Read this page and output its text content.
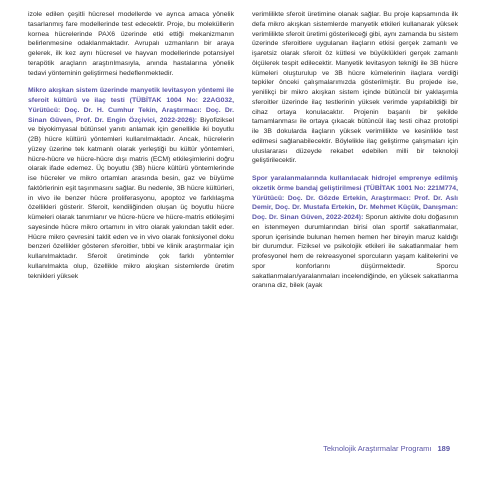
izole edilen çeşitli hücresel modellerde ve ayrıca amaca yönelik tasarlanmış fare modellerinde test edecektir. Proje, bu moleküllerin kornea hücrelerinde PAX6 üzerinde etki ettiği mekanizmanın belirlenmesine odaklanmaktadır. Avrupalı uzmanların bir araya gelerek, ilk kez aynı hücresel ve hayvan modellerinde potansiyel terapötik araçların araştırılmasıyla, anında hastalarına yönelik tedavi yönteminin geliştirmesi hedeflenmektedir.

Mikro akışkan sistem üzerinde manyetik levitasyon yöntemi ile sferoit kültürü ve ilaç testi (TÜBİTAK 1004 No: 22AG032, Yürütücü: Doç. Dr. H. Cumhur Tekin, Araştırmacı: Doç. Dr. Sinan Güven, Prof. Dr. Engin Özçivici, 2022-2026): Biyofiziksel ve biyokimyasal bütünsel yanıtı anlamak için genellikle iki boyutlu (2B) hücre kültürü yöntemleri kullanılmaktadır. Ancak, hücrelerin yüzey üzerine tek katmanlı olarak yerleştiği bu kültür yöntemleri, hücre-hücre ve hücre-hücre dışı matris (ECM) etkileşimlerini doğru olarak ifade edemez. Üç boyutlu (3B) hücre kültürü yöntemlerinde ise hücreler ve mikro ortamları arasında besin, gaz ve büyüme faktörlerinin eşit taşınmasını sağlar. Bu nedenle, 3B hücre kültürleri, in vivo ile benzer hücre proliferasyonu, apoptoz ve farklılaşma özellikleri gösterir. Sferoit, kendiliğinden oluşan üç boyutlu hücre kümeleri olarak tanımlanır ve hücre-hücre ve hücre-matris etkileşimi sayesinde hücre mikro ortamını in vitro olarak yakından taklit eder. Hücre mikro çevresini taklit eden ve in vivo olarak fonksiyonel doku benzeri özellikler gösteren sferoitler, tıbbi ve klinik araştırmalar için kullanılmaktadır. Sferoit üretiminde çok farklı yöntemler kullanılmakta olup, özellikle mikro akışkan sistemlerde üretim teknikleri yüksek

verimlilikte sferoit üretimine olanak sağlar. Bu proje kapsamında ilk defa mikro akışkan sistemlerde manyetik etkileri kullanarak yüksek verimlilikte sferoit üretimi gösterileceği gibi, aynı zamanda bu sistem üzerinde sferoitlere uygulanan ilaçların etkisi gerçek zamanlı ve işaretsiz olarak sferoit öz kütlesi ve büyüklükleri gerçek zamanlı ölçülerek tespit edilecektir. Manyetik levitasyon tekniği ile 3B hücre kümeleri oluşturulup ve 3B hücre kümelerinin ilaçlara verdiği tepkiler önceki çalışmalarımızda gösterilmiştir. Bu projede ise, yenilikçi bir mikro akışkan sistem içinde bütüncül bir yaklaşımla sferoitler üzerinde ilaç testlerinin yüksek verimde yapılabildiği bir cihaz ortaya konulacaktır. Projenin başarılı bir şekilde tamamlanması ile ortaya çıkacak bütüncül ilaç testi cihaz prototipi ile 3B dokularda ilaçların yüksek verimlilikte ve kesinlikle test edilmesi sağlanabilecektir. Böylelikle ilaç geliştirme çalışmaları için uluslararası düzeyde rekabet edebilen milli bir teknoloji geliştirilecektir.

Spor yaralanmalarında kullanılacak hidrojel emprenye edilmiş okzetik örme bandaj geliştirilmesi (TÜBİTAK 1001 No: 221M774, Yürütücü: Doç. Dr. Gözde Ertekin, Araştırmacı: Prof. Dr. Aslı Demir, Doç. Dr. Mustafa Ertekin, Dr. Mehmet Küçük, Danışman: Doç. Dr. Sinan Güven, 2022-2024): Sporun aktivite dolu doğasının en istenmeyen durumlarından birisi olan sportif sakatlanmalar, sporun içerisinde bulunan hemen hemen her bireyin maruz kaldığı bir durumdur. Fiziksel ve psikolojik etkileri ile sakatlanmalar hem profesyonel hem de rekreasyonel sporcuların yaşam kalitelerini ve spor konforlarını düşürmektedir. Sporcu sakatlanmaları/yaralanmaları incelendiğinde, en yüksek sakatlanma oranına diz, bilek (ayak

Teknolojik Araştırmalar Programı 189
